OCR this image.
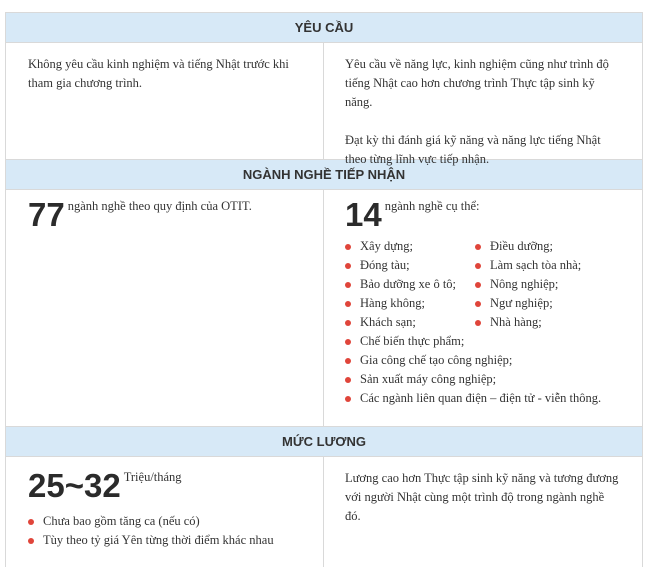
YÊU CẦU

Không yêu cầu kinh nghiệm và tiếng Nhật trước khi tham gia chương trình.

Yêu cầu về năng lực, kinh nghiệm cũng như trình độ tiếng Nhật cao hơn chương trình Thực tập sinh kỹ năng.

Đạt kỳ thi đánh giá kỹ năng và năng lực tiếng Nhật theo từng lĩnh vực tiếp nhận.

NGÀNH NGHỀ TIẾP NHẬN
77 ngành nghề theo quy định của OTIT.	14 ngành nghề cụ thể:
Xây dựng;
Đóng tàu;
Bảo dưỡng xe ô tô;
Hàng không;
Khách sạn;
Điều dưỡng;
Làm sạch tòa nhà;
Nông nghiệp;
Ngư nghiệp;
Nhà hàng;
Chế biến thực phẩm;
Gia công chế tạo công nghiệp;
Sản xuất máy công nghiệp;
Các ngành liên quan điện – điện tử - viễn thông.
MỨC LƯƠNG
25~32 Triệu/tháng
Chưa bao gồm tăng ca (nếu có)
Tùy theo tỷ giá Yên từng thời điểm khác nhau

Lương cao hơn Thực tập sinh kỹ năng và tương đương với người Nhật cùng một trình độ trong ngành nghề đó.
